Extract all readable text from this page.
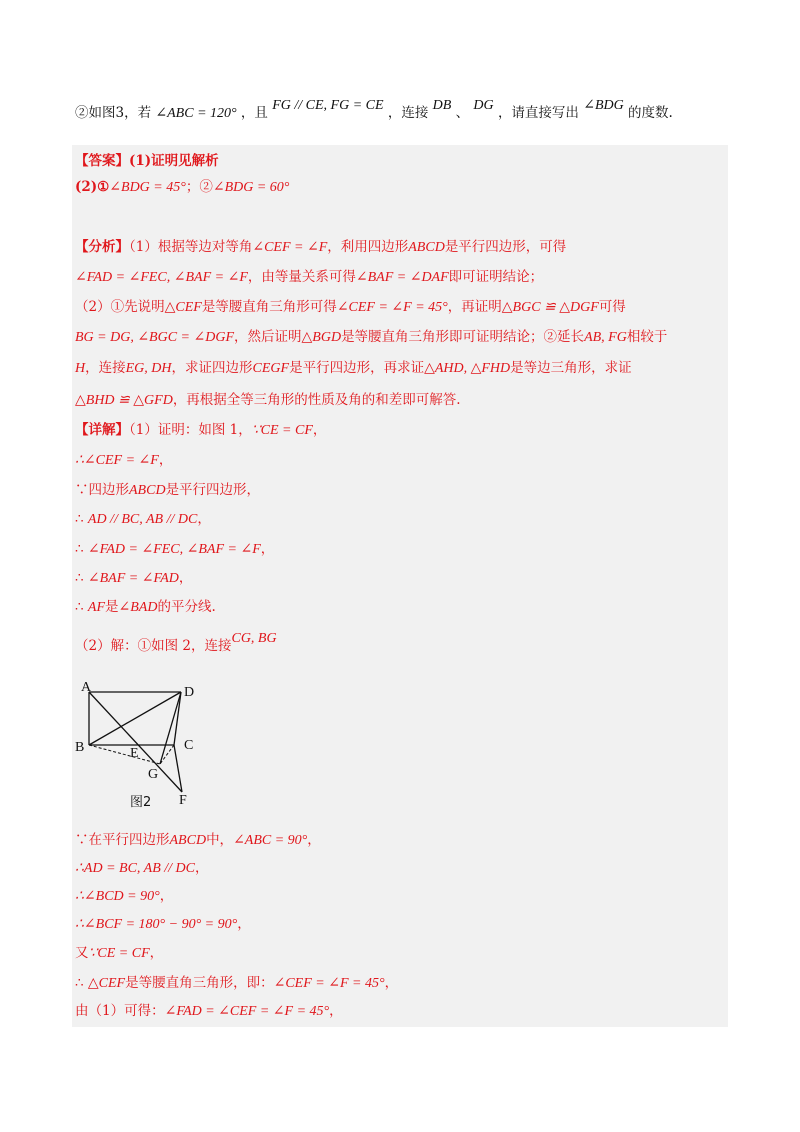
②如图3，若 ∠ABC = 120° ，且 FG // CE, FG = CE ，连接 DB 、 DG ，请直接写出 ∠BDG 的度数.
【答案】(1)证明见解析
(2)①∠BDG = 45°；②∠BDG = 60°
【分析】（1）根据等边对等角∠CEF = ∠F，利用四边形ABCD是平行四边形，可得
∠FAD = ∠FEC, ∠BAF = ∠F，由等量关系可得∠BAF = ∠DAF即可证明结论；
（2）①先说明△CEF是等腰直角三角形可得∠CEF = ∠F = 45°，再证明△BGC ≌ △DGF可得
BG = DG, ∠BGC = ∠DGF，然后证明△BGD是等腰直角三角形即可证明结论；②延长AB, FG相较于
H，连接EG, DH，求证四边形CEGF是平行四边形，再求证△AHD, △FHD是等边三角形，求证
△BHD ≌ △GFD，再根据全等三角形的性质及角的和差即可解答.
【详解】（1）证明：如图 1，∵CE = CF，
∴∠CEF = ∠F，
∵四边形ABCD是平行四边形，
∴ AD // BC, AB // DC，
∴ ∠FAD = ∠FEC, ∠BAF = ∠F，
∴ ∠BAF = ∠FAD，
∴ AF是∠BAD的平分线.
（2）解：①如图 2，连接CG, BG
A	D
B	C
E
G
F
图2
∵在平行四边形ABCD中，∠ABC = 90°，
∴AD = BC, AB // DC，
∴∠BCD = 90°，
∴∠BCF = 180° − 90° = 90°，
又∵CE = CF，
∴ △CEF是等腰直角三角形，即：∠CEF = ∠F = 45°，
由（1）可得：∠FAD = ∠CEF = ∠F = 45°，
